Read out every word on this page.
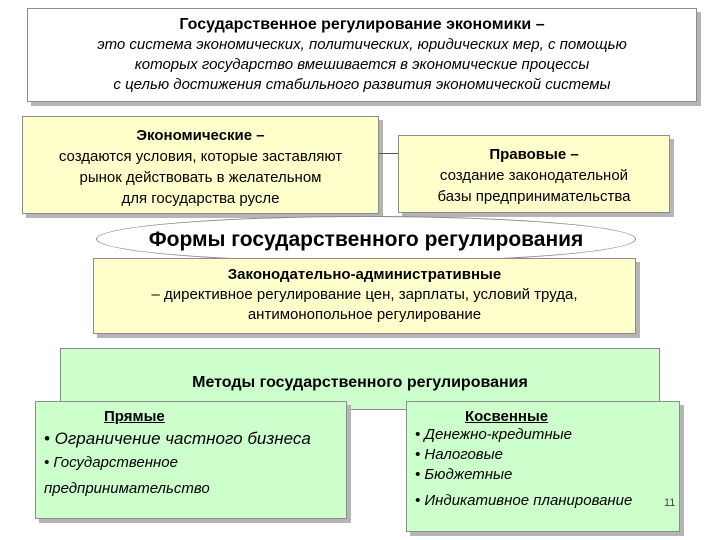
Государственное регулирование экономики –
это система экономических, политических, юридических мер, с помощью
которых государство вмешивается в экономические процессы
с целью достижения стабильного развития экономической системы
Экономические –
создаются условия, которые заставляют
рынок действовать в желательном
для государства русле
Правовые –
создание законодательной
базы предпринимательства
Формы государственного регулирования
Законодательно-административные
– директивное регулирование цен, зарплаты, условий труда,
антимонопольное регулирование
Методы государственного регулирования
Прямые
• Ограничение частного бизнеса
• Государственное
предпринимательство
Косвенные
• Денежно-кредитные
• Налоговые
• Бюджетные
• Индикативное планирование	11
